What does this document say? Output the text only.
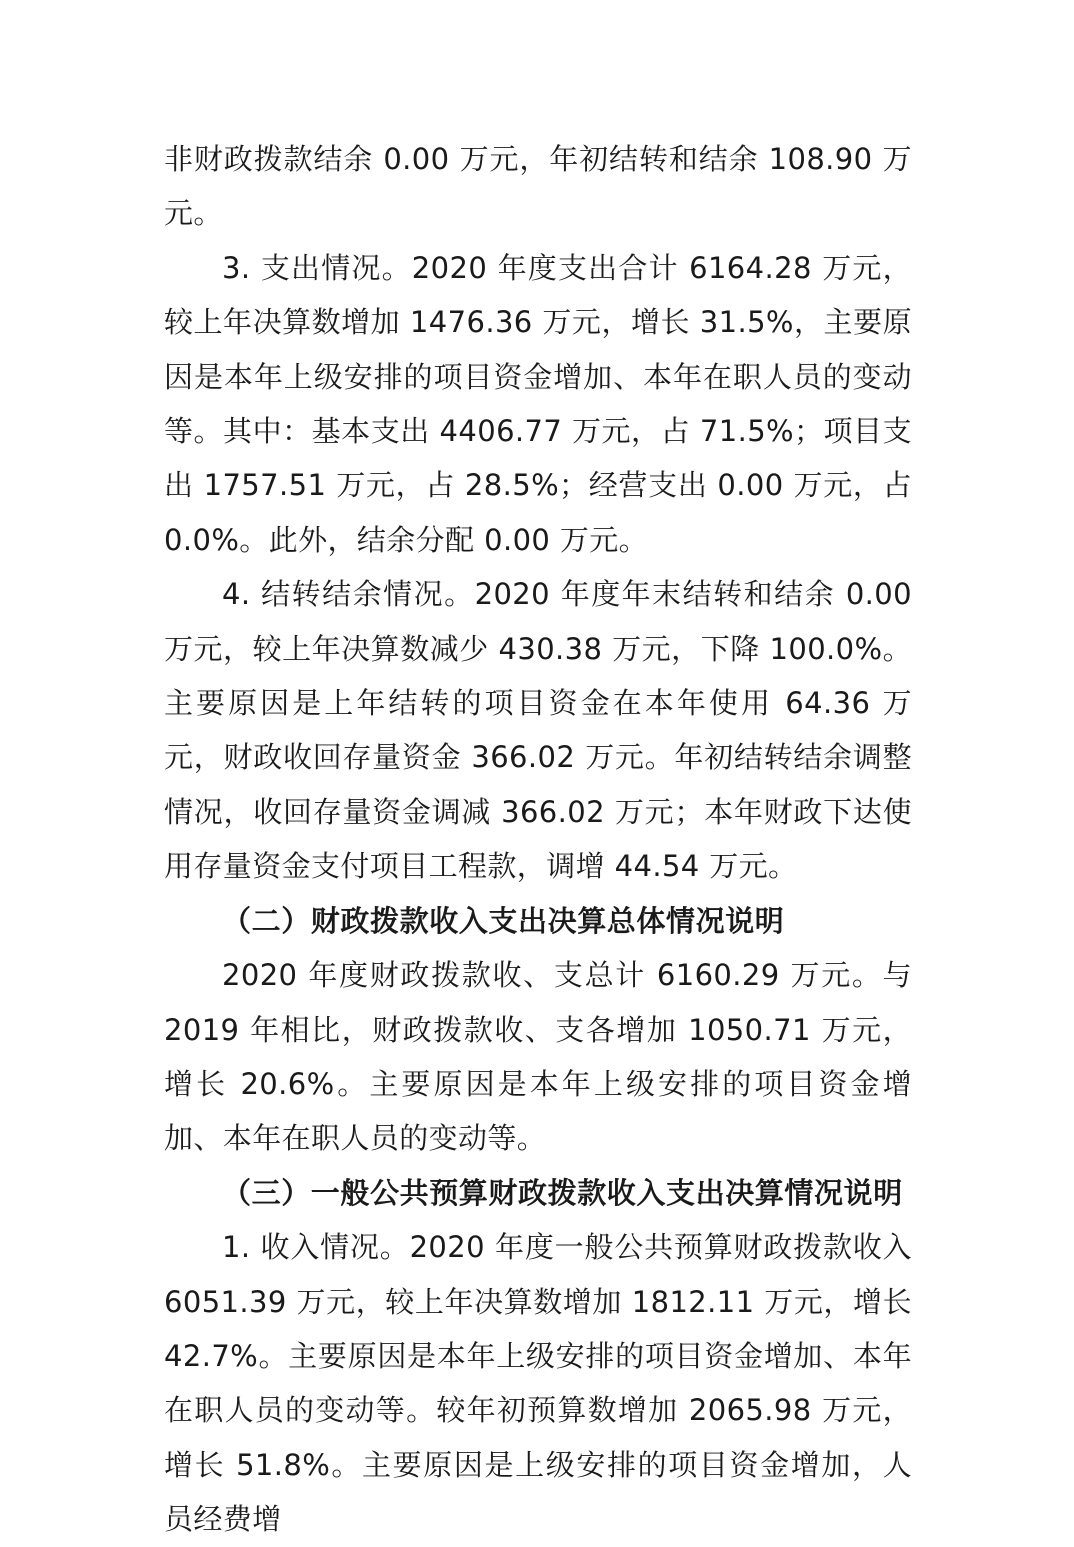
非财政拨款结余 0.00 万元，年初结转和结余 108.90 万元。

3. 支出情况。2020 年度支出合计 6164.28 万元，较上年决算数增加 1476.36 万元，增长 31.5%，主要原因是本年上级安排的项目资金增加、本年在职人员的变动等。其中：基本支出 4406.77 万元，占 71.5%；项目支出 1757.51 万元，占 28.5%；经营支出 0.00 万元，占 0.0%。此外，结余分配 0.00 万元。

4. 结转结余情况。2020 年度年末结转和结余 0.00 万元，较上年决算数减少 430.38 万元，下降 100.0%。主要原因是上年结转的项目资金在本年使用 64.36 万元，财政收回存量资金 366.02 万元。年初结转结余调整情况，收回存量资金调减 366.02 万元；本年财政下达使用存量资金支付项目工程款，调增 44.54 万元。

（二）财政拨款收入支出决算总体情况说明

2020 年度财政拨款收、支总计 6160.29 万元。与 2019 年相比，财政拨款收、支各增加 1050.71 万元，增长 20.6%。主要原因是本年上级安排的项目资金增加、本年在职人员的变动等。

（三）一般公共预算财政拨款收入支出决算情况说明

1. 收入情况。2020 年度一般公共预算财政拨款收入 6051.39 万元，较上年决算数增加 1812.11 万元，增长 42.7%。主要原因是本年上级安排的项目资金增加、本年在职人员的变动等。较年初预算数增加 2065.98 万元，增长 51.8%。主要原因是上级安排的项目资金增加，人员经费增
